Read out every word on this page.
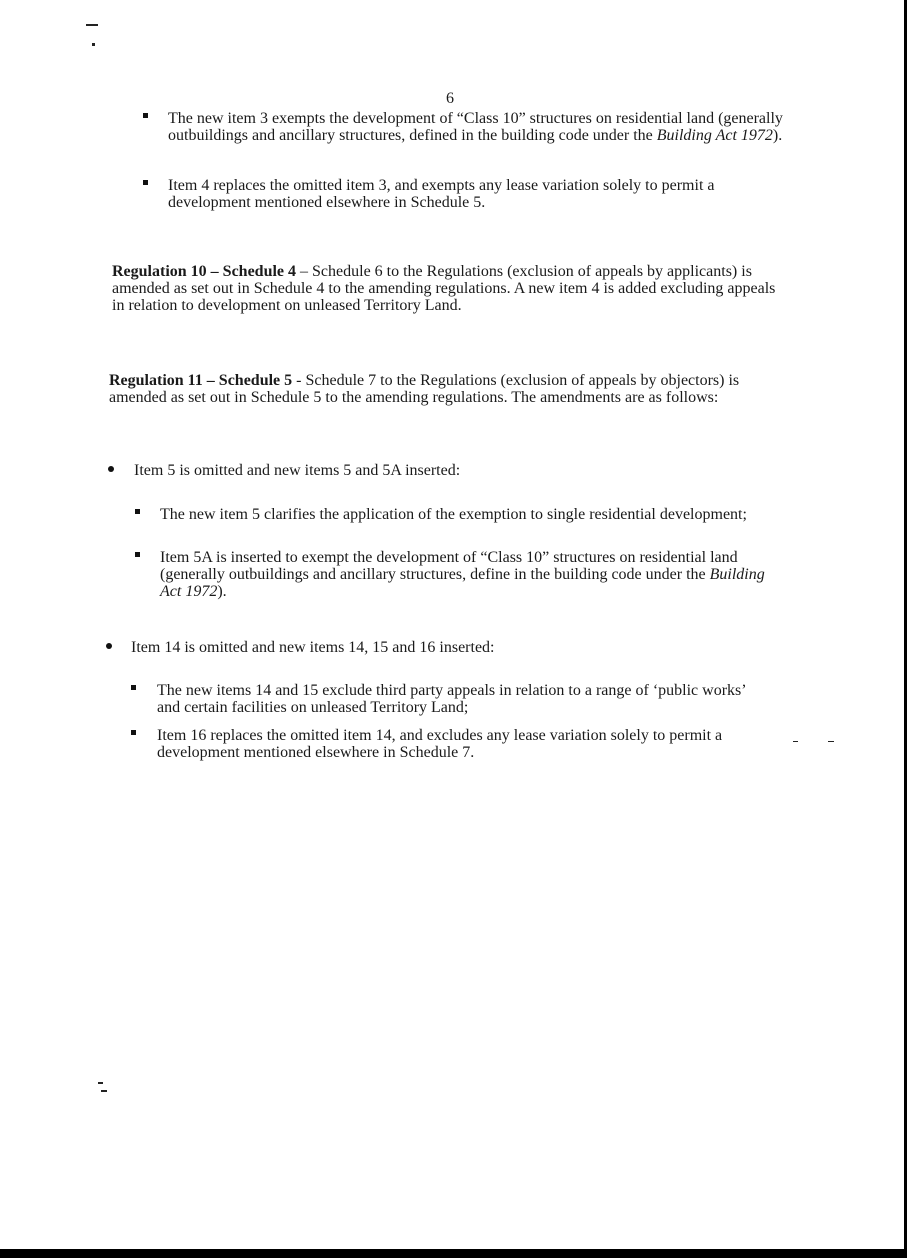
6
The new item 3 exempts the development of “Class 10” structures on residential land (generally outbuildings and ancillary structures, defined in the building code under the Building Act 1972).
Item 4 replaces the omitted item 3, and exempts any lease variation solely to permit a development mentioned elsewhere in Schedule 5.
Regulation 10 – Schedule 4 – Schedule 6 to the Regulations (exclusion of appeals by applicants) is amended as set out in Schedule 4 to the amending regulations. A new item 4 is added excluding appeals in relation to development on unleased Territory Land.
Regulation 11 – Schedule 5 - Schedule 7 to the Regulations (exclusion of appeals by objectors) is amended as set out in Schedule 5 to the amending regulations. The amendments are as follows:
Item 5 is omitted and new items 5 and 5A inserted:
The new item 5 clarifies the application of the exemption to single residential development;
Item 5A is inserted to exempt the development of “Class 10” structures on residential land (generally outbuildings and ancillary structures, define in the building code under the Building Act 1972).
Item 14 is omitted and new items 14, 15 and 16 inserted:
The new items 14 and 15 exclude third party appeals in relation to a range of ‘public works’ and certain facilities on unleased Territory Land;
Item 16 replaces the omitted item 14, and excludes any lease variation solely to permit a development mentioned elsewhere in Schedule 7.
